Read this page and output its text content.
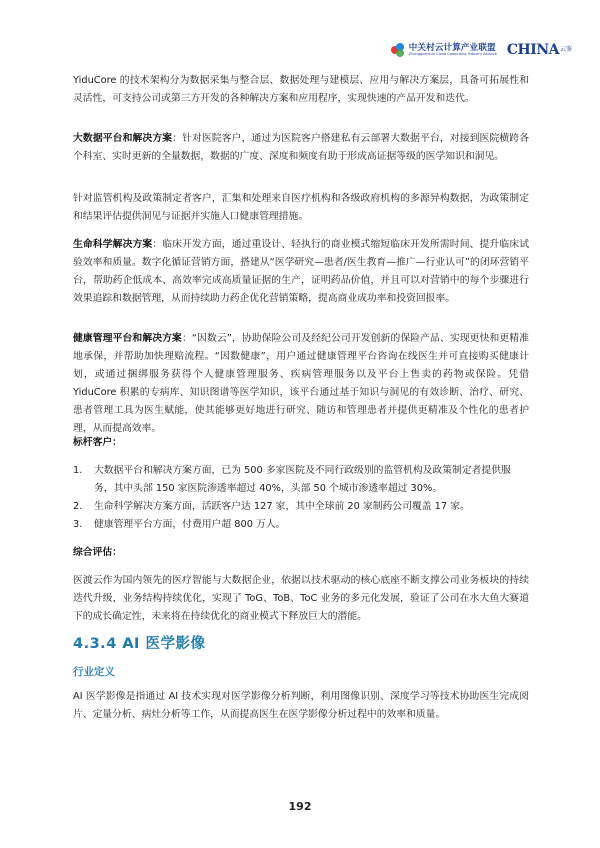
中关村云计算产业联盟
Zhongguancun Cloud Computing Industry Alliance CHINA 云鉴

YiduCore 的技术架构分为数据采集与整合层、数据处理与建模层、应用与解决方案层，具备可拓展性和灵活性，可支持公司或第三方开发的各种解决方案和应用程序，实现快速的产品开发和迭代。

大数据平台和解决方案：针对医院客户，通过为医院客户搭建私有云部署大数据平台，对接到医院横跨各个科室、实时更新的全量数据，数据的广度、深度和频度有助于形成高证据等级的医学知识和洞见。

针对监管机构及政策制定者客户，汇集和处理来自医疗机构和各级政府机构的多源异构数据，为政策制定和结果评估提供洞见与证据并实施人口健康管理措施。

生命科学解决方案：临床开发方面，通过重设计、轻执行的商业模式缩短临床开发所需时间、提升临床试验效率和质量。数字化循证营销方面，搭建从“医学研究—患者/医生教育—推广—行业认可”的闭环营销平台，帮助药企低成本、高效率完成高质量证据的生产，证明药品价值，并且可以对营销中的每个步骤进行效果追踪和数据管理，从而持续助力药企优化营销策略，提高商业成功率和投资回报率。

健康管理平台和解决方案：“因数云”，协助保险公司及经纪公司开发创新的保险产品、实现更快和更精准地承保，并帮助加快理赔流程。“因数健康”，用户通过健康管理平台咨询在线医生并可直接购买健康计划，或通过捆绑服务获得个人健康管理服务、疾病管理服务以及平台上售卖的药物或保险。凭借 YiduCore 积累的专病库、知识图谱等医学知识，该平台通过基于知识与洞见的有效诊断、治疗、研究、患者管理工具为医生赋能，使其能够更好地进行研究、随访和管理患者并提供更精准及个性化的患者护理，从而提高效率。

标杆客户：

1. 大数据平台和解决方案方面，已为 500 多家医院及不同行政级别的监管机构及政策制定者提供服务，其中头部 150 家医院渗透率超过 40%，头部 50 个城市渗透率超过 30%。
2. 生命科学解决方案方面，活跃客户达 127 家，其中全球前 20 家制药公司覆盖 17 家。
3. 健康管理平台方面，付费用户超 800 万人。

综合评估：

医渡云作为国内领先的医疗智能与大数据企业，依据以技术驱动的核心底座不断支撑公司业务板块的持续迭代升级，业务结构持续优化，实现了 ToG、ToB、ToC 业务的多元化发展，验证了公司在水大鱼大赛道下的成长确定性，未来将在持续优化的商业模式下释放巨大的潜能。

4.3.4 AI 医学影像
行业定义

AI 医学影像是指通过 AI 技术实现对医学影像分析判断，利用图像识别、深度学习等技术协助医生完成阅片、定量分析、病灶分析等工作，从而提高医生在医学影像分析过程中的效率和质量。

192
